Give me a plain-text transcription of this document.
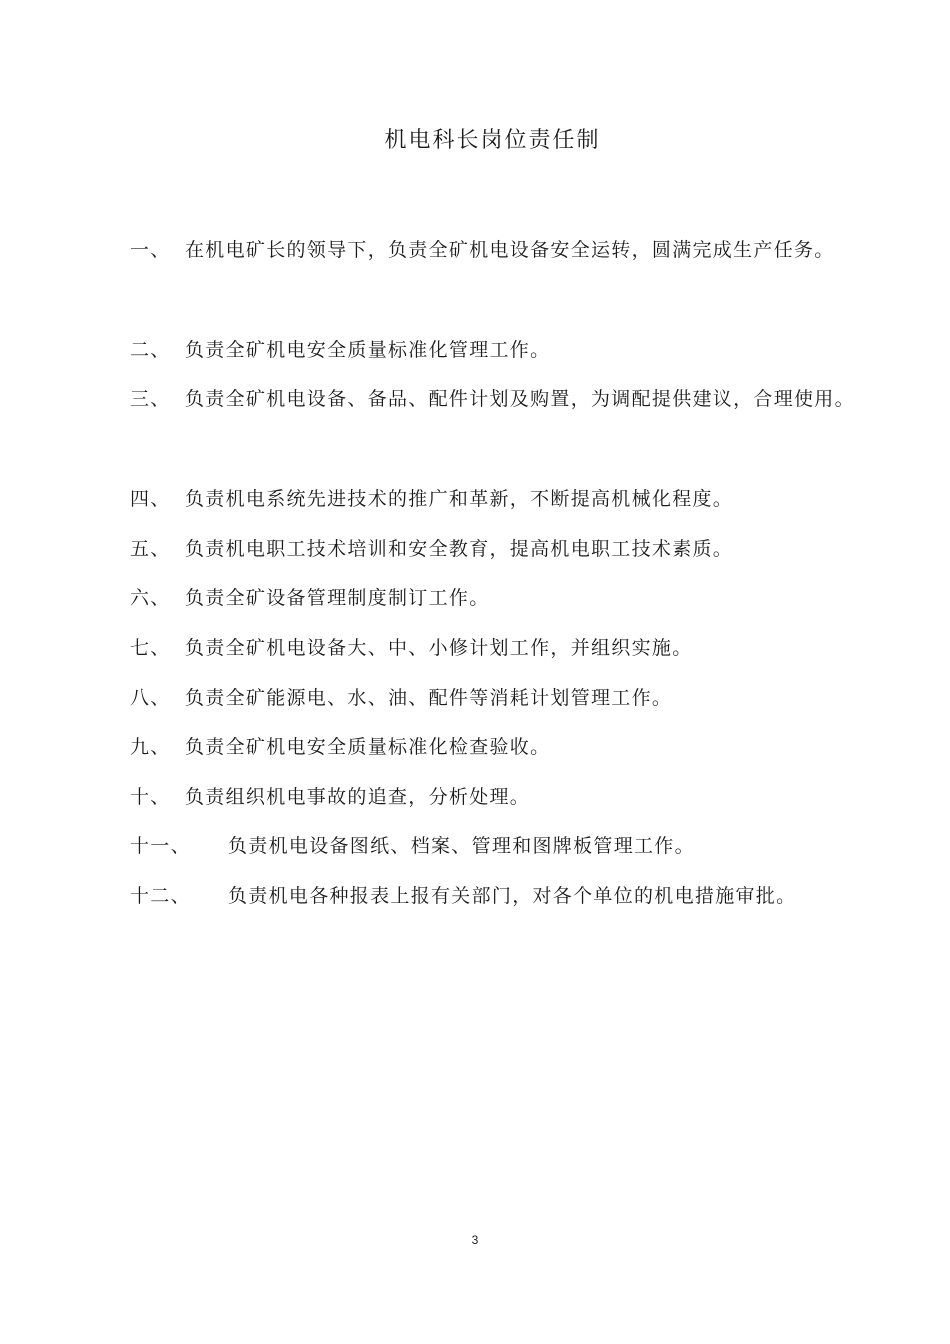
机电科长岗位责任制
一、 在机电矿长的领导下，负责全矿机电设备安全运转，圆满完成生产任务。
二、 负责全矿机电安全质量标准化管理工作。
三、 负责全矿机电设备、备品、配件计划及购置，为调配提供建议，合理使用。
四、 负责机电系统先进技术的推广和革新，不断提高机械化程度。
五、 负责机电职工技术培训和安全教育，提高机电职工技术素质。
六、 负责全矿设备管理制度制订工作。
七、 负责全矿机电设备大、中、小修计划工作，并组织实施。
八、 负责全矿能源电、水、油、配件等消耗计划管理工作。
九、 负责全矿机电安全质量标准化检查验收。
十、 负责组织机电事故的追查，分析处理。
十一、 负责机电设备图纸、档案、管理和图牌板管理工作。
十二、 负责机电各种报表上报有关部门，对各个单位的机电措施审批。
3
